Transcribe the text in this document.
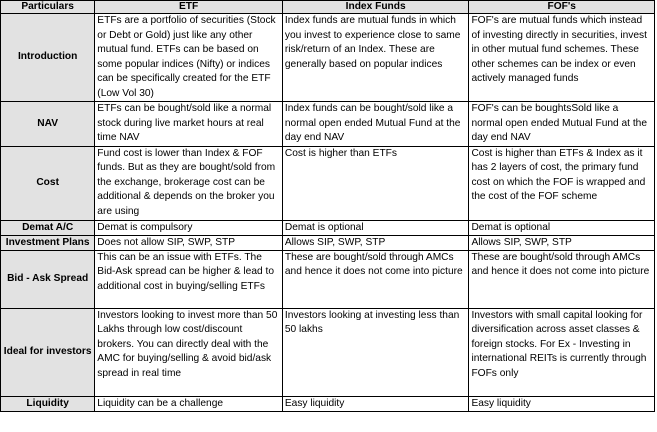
Particulars	ETF	Index Funds	FOF's
Introduction	ETFs are a portfolio of securities (Stock or Debt or Gold) just like any other mutual fund. ETFs can be based on some popular indices (Nifty) or indices can be specifically created for the ETF (Low Vol 30)	Index funds are mutual funds in which you invest to experience close to same risk/return of an Index. These are generally based on popular indices	FOF's are mutual funds which instead of investing directly in securities, invest in other mutual fund schemes. These other schemes can be index or even actively managed funds
NAV	ETFs can be bought/sold like a normal stock during live market hours at real time NAV	Index funds can be bought/sold like a normal open ended Mutual Fund at the day end NAV	FOF's can be boughtsSold like a normal open ended Mutual Fund at the day end NAV
Cost	Fund cost is lower than Index & FOF funds. But as they are bought/sold from the exchange, brokerage cost can be additional & depends on the broker you are using	Cost is higher than ETFs	Cost is higher than ETFs & Index as it has 2 layers of cost, the primary fund cost on which the FOF is wrapped and the cost of the FOF scheme
Demat A/C	Demat is compulsory	Demat is optional	Demat is optional
Investment Plans	Does not allow SIP, SWP, STP	Allows SIP, SWP, STP	Allows SIP, SWP, STP
Bid - Ask Spread	This can be an issue with ETFs. The Bid-Ask spread can be higher & lead to additional cost in buying/selling ETFs	These are bought/sold through AMCs and hence it does not come into picture	These are bought/sold through AMCs and hence it does not come into picture
Ideal for investors	Investors looking to invest more than 50 Lakhs through low cost/discount brokers. You can directly deal with the AMC for buying/selling & avoid bid/ask spread in real time	Investors looking at investing less than 50 lakhs	Investors with small capital looking for diversification across asset classes & foreign stocks. For Ex - Investing in international REITs is currently through FOFs only
Liquidity	Liquidity can be a challenge	Easy liquidity	Easy liquidity
